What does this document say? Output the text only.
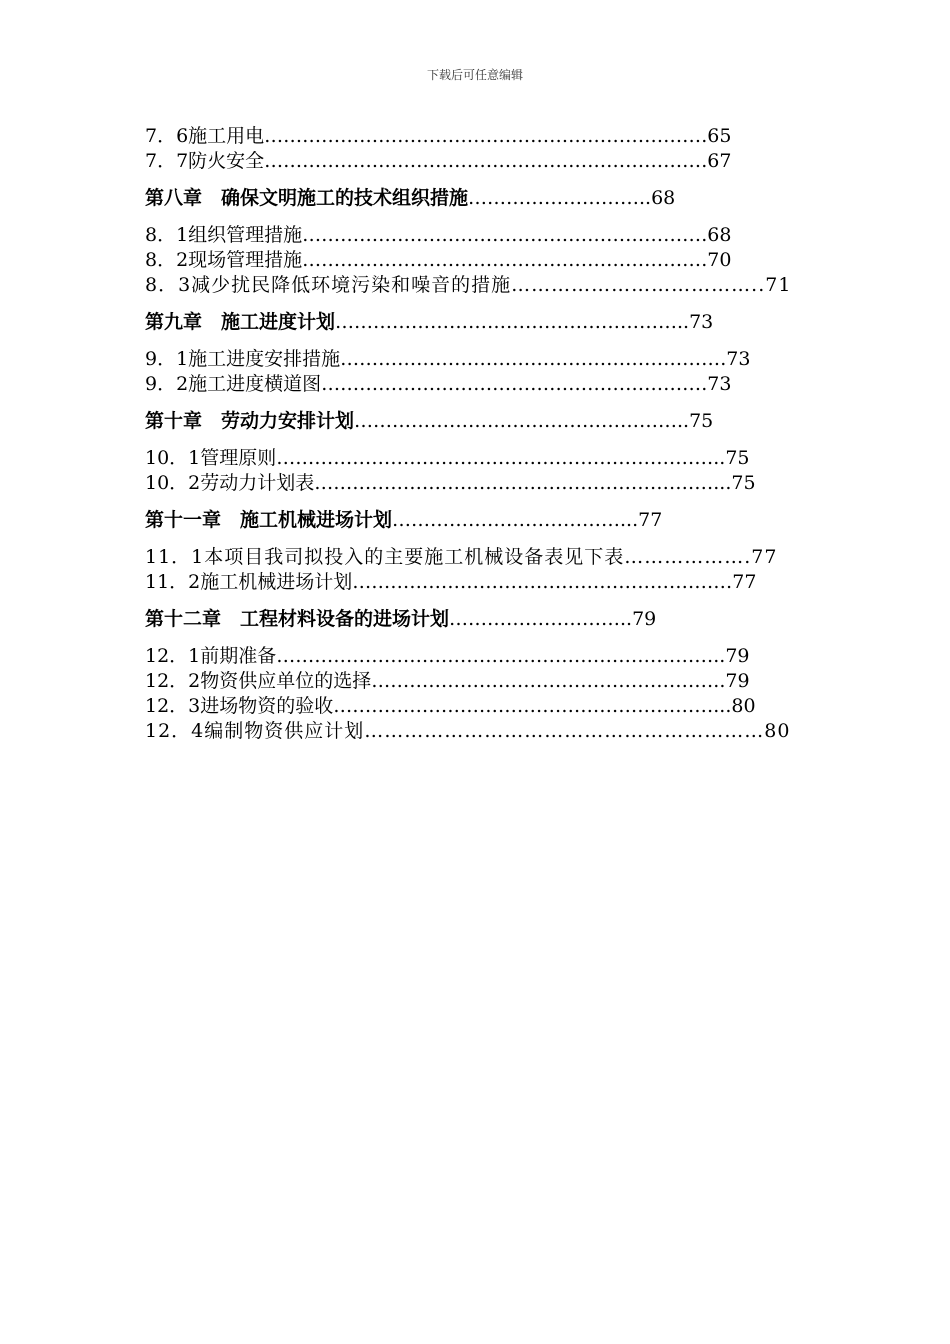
下载后可任意编辑
7．6施工用电…………………………………………………………….65
7．7防火安全…………………………………………………………….67
第八章　确保文明施工的技术组织措施………………………..68
8．1组织管理措施……………………………………………………….68
8．2现场管理措施……………………………………………………….70
8．3减少扰民降低环境污染和噪音的措施………………………………..71
第九章　施工进度计划………………………………………………..73
9．1施工进度安排措施…………………………………………………….73
9．2施工进度横道图…………………………………………………….73
第十章　劳动力安排计划……………………………………………..75
10．1管理原则……………………………………………………………..75
10．2劳动力计划表………………………………………………………...75
第十一章　施工机械进场计划………………………………...77
11．1本项目我司拟投入的主要施工机械设备表见下表……………….77
11．2施工机械进场计划……………………………………………………77
第十二章　工程材料设备的进场计划………………………..79
12．1前期准备……………………………………………………………..79
12．2物资供应单位的选择………………………………………………..79
12．3进场物资的验收……………………………………………………...80
12．4编制物资供应计划……………………………………………………80
